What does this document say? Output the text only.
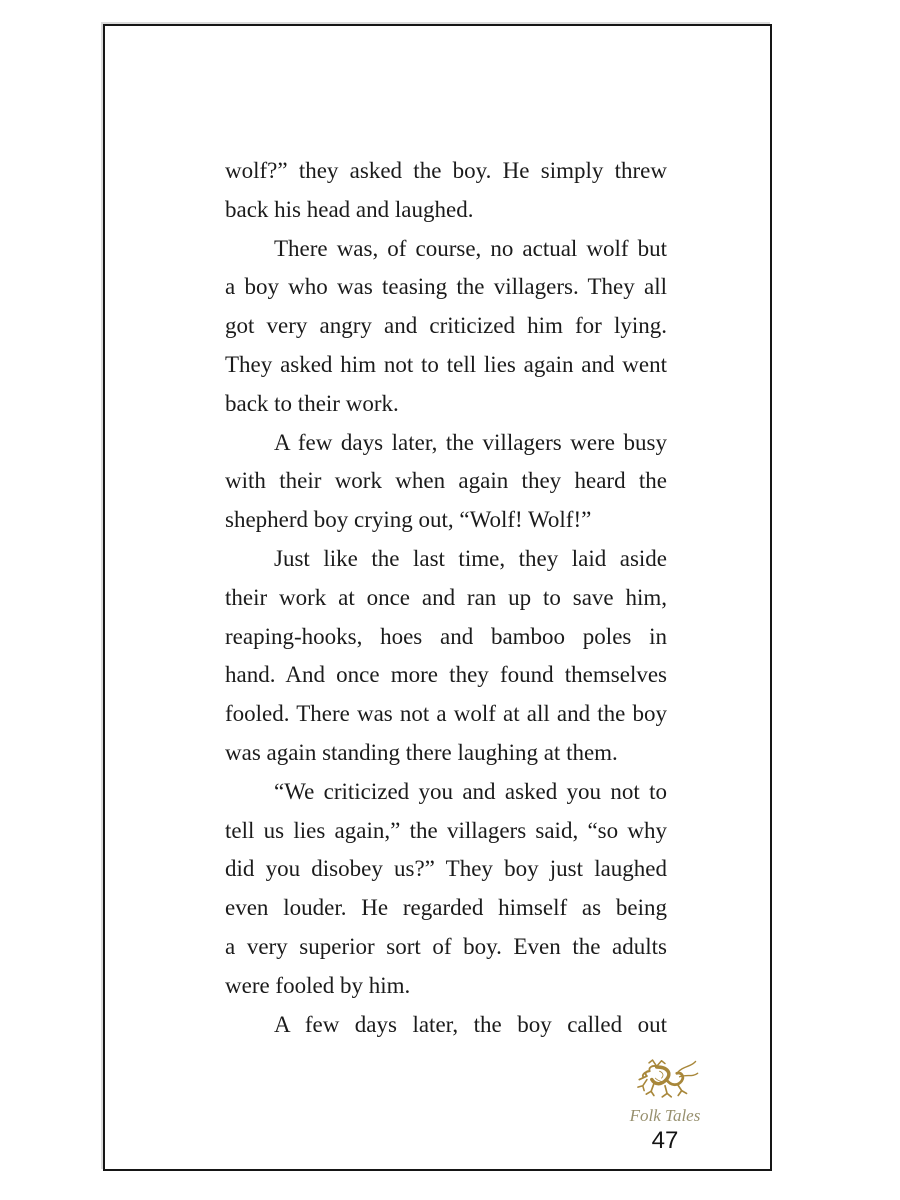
wolf?” they asked the boy. He simply threw
back his head and laughed.
There was, of course, no actual wolf but
a boy who was teasing the villagers. They all
got very angry and criticized him for lying.
They asked him not to tell lies again and went
back to their work.
A few days later, the villagers were busy
with their work when again they heard the
shepherd boy crying out, “Wolf! Wolf!”
Just like the last time, they laid aside
their work at once and ran up to save him,
reaping-hooks, hoes and bamboo poles in
hand. And once more they found themselves
fooled. There was not a wolf at all and the boy
was again standing there laughing at them.
“We criticized you and asked you not to
tell us lies again,” the villagers said, “so why
did you disobey us?” They boy just laughed
even louder. He regarded himself as being
a very superior sort of boy. Even the adults
were fooled by him.
A few days later, the boy called out
Folk Tales
47
